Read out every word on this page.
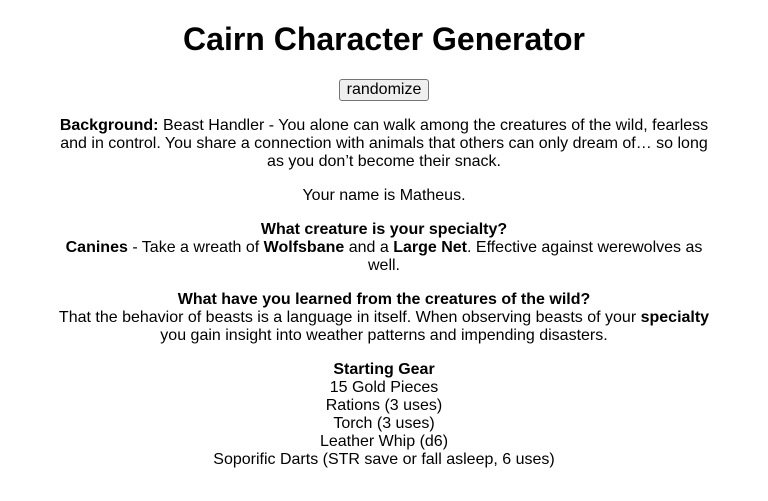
Cairn Character Generator

randomize

Background: Beast Handler - You alone can walk among the creatures of the wild, fearless and in control. You share a connection with animals that others can only dream of… so long as you don’t become their snack.

Your name is Matheus.

What creature is your specialty?
Canines - Take a wreath of Wolfsbane and a Large Net. Effective against werewolves as well.

What have you learned from the creatures of the wild?
That the behavior of beasts is a language in itself. When observing beasts of your specialty you gain insight into weather patterns and impending disasters.

Starting Gear
15 Gold Pieces
Rations (3 uses)
Torch (3 uses)
Leather Whip (d6)
Soporific Darts (STR save or fall asleep, 6 uses)
